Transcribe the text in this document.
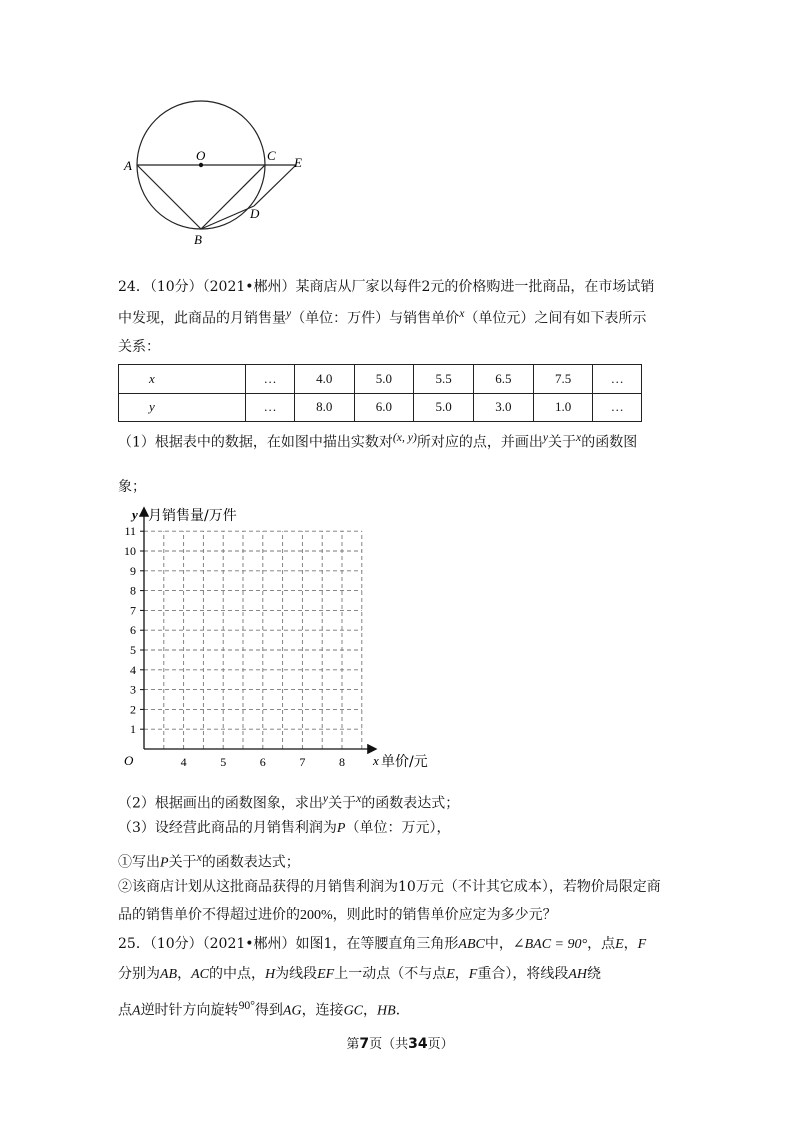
A
O	C E
D
B
24．（10分）（2021•郴州）某商店从厂家以每件2元的价格购进一批商品，在市场试销
中发现，此商品的月销售量$^y$（单位：万件）与销售单价$^x$（单位元）之间有如下表所示
关系：
x	…	4.0	5.0	5.5	6.5	7.5	…
y	…	8.0	6.0	5.0	3.0	1.0	…
（1）根据表中的数据，在如图中描出实数对$^{(x, y)}$所对应的点，并画出$^y$关于$^x$的函数图
象；
1
2
3
4
5
6
7
8
9
10
11
4	5	6	7	8
y 月销售量/万件
x 单价/元
O
（2）根据画出的函数图象，求出$^y$关于$^x$的函数表达式；
（3）设经营此商品的月销售利润为P（单位：万元），
①写出P关于$^x$的函数表达式；
②该商店计划从这批商品获得的月销售利润为10万元（不计其它成本），若物价局限定商
品的销售单价不得超过进价的200%，则此时的销售单价应定为多少元？
25．（10分）（2021•郴州）如图1，在等腰直角三角形ABC中，∠BAC = 90°，点E，F
分别为AB，AC的中点，H为线段EF上一动点（不与点E，F重合），将线段AH绕
点A逆时针方向旋转$^{90^\circ}$得到AG，连接GC，HB．
第7页（共34页）
